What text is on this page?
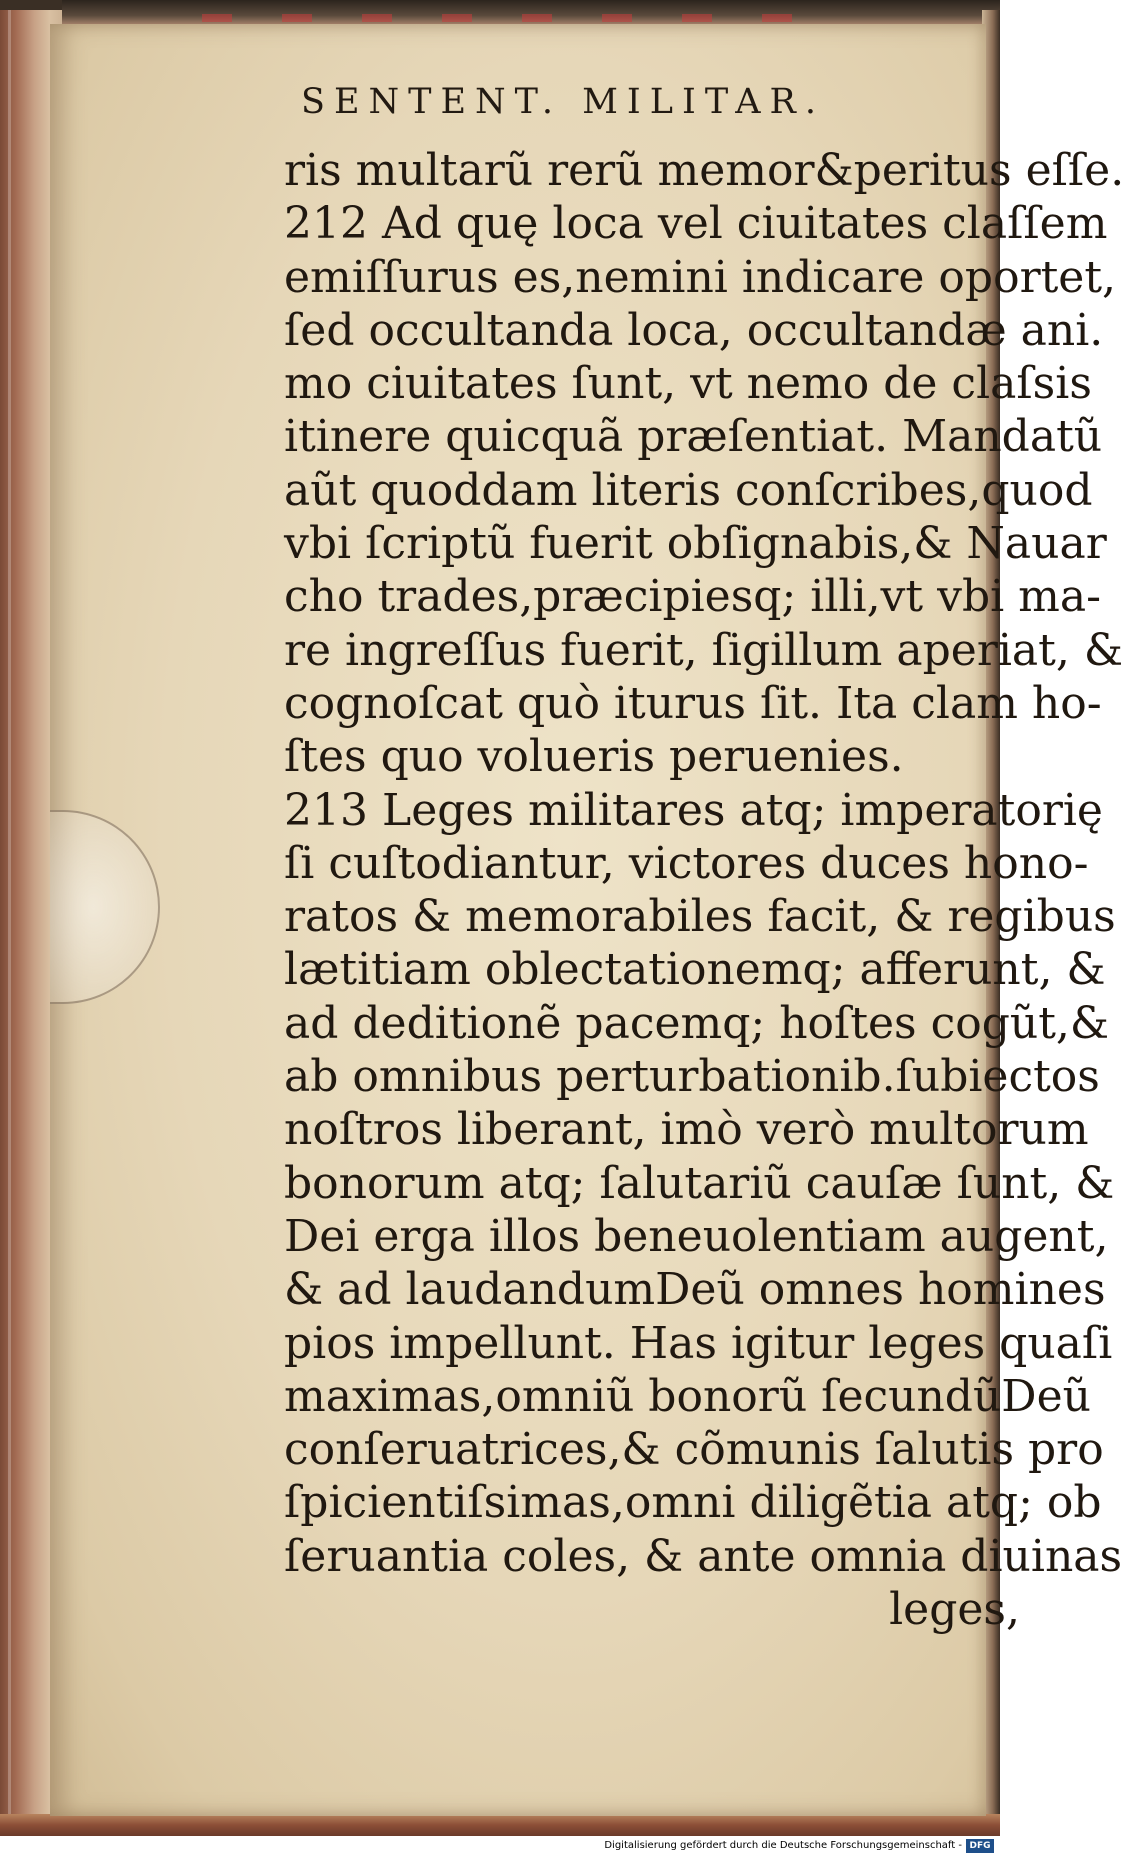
SENTENT. MILITAR.
ris multarũ rerũ memor&peritus eſſe.
212 Ad quę loca vel ciuitates claſſem
emiſſurus es,nemini indicare oportet,
ſed occultanda loca, occultandæ ani.
mo ciuitates ſunt, vt nemo de claſsis
itinere quicquã præſentiat. Mandatũ
aũt quoddam literis conſcribes,quod
vbi ſcriptũ fuerit obſignabis,& Nauar
cho trades,præcipiesq; illi,vt vbi ma-
re ingreſſus fuerit, ſigillum aperiat, &
cognoſcat quò iturus ſit. Ita clam ho-
ſtes quo volueris peruenies.
213 Leges militares atq; imperatorię
ſi cuſtodiantur, victores duces hono-
ratos & memorabiles facit, & regibus
lætitiam oblectationemq; afferunt, &
ad deditionẽ pacemq; hoſtes cogũt,&
ab omnibus perturbationib.ſubiectos
noſtros liberant, imò verò multorum
bonorum atq; ſalutariũ cauſæ ſunt, &
Dei erga illos beneuolentiam augent,
& ad laudandumDeũ omnes homines
pios impellunt. Has igitur leges quaſi
maximas,omniũ bonorũ ſecundũDeũ
conſeruatrices,& cõmunis ſalutis pro
ſpicientiſsimas,omni diligẽtia atq; ob
ſeruantia coles, & ante omnia diuinas
leges,
Digitalisierung gefördert durch die Deutsche Forschungsgemeinschaft - DFG
